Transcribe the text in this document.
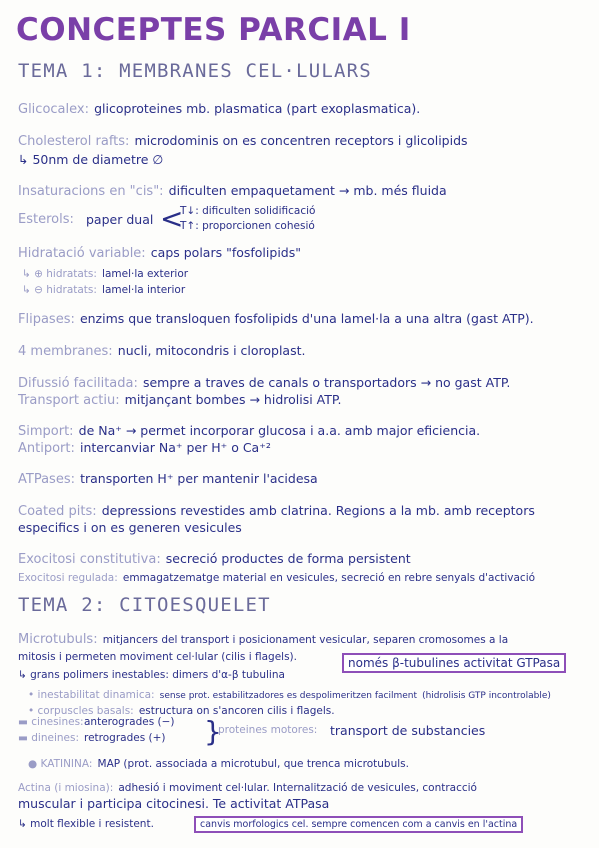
CONCEPTES PARCIAL I
TEMA 1: MEMBRANES CEL·LULARS
Glicocalex: glicoproteines mb. plasmatica (part exoplasmatica).
Cholesterol rafts: microdominis on es concentren receptors i glicolipids
↳ 50nm de diametre ∅
Insaturacions en "cis": dificulten empaquetament → mb. més fluida
Esterols: paper dual <
T↓: dificulten solidificació
T↑: proporcionen cohesió
Hidratació variable: caps polars "fosfolipids"
↳ ⊕ hidratats: lamel·la exterior
↳ ⊖ hidratats: lamel·la interior
Flipases: enzims que transloquen fosfolipids d'una lamel·la a una altra (gast ATP).
4 membranes: nucli, mitocondris i cloroplast.
Difussió facilitada: sempre a traves de canals o transportadors → no gast ATP.
Transport actiu: mitjançant bombes → hidrolisi ATP.
Simport: de Na⁺ → permet incorporar glucosa i a.a. amb major eficiencia.
Antiport: intercanviar Na⁺ per H⁺ o Ca⁺²
ATPases: transporten H⁺ per mantenir l'acidesa
Coated pits: depressions revestides amb clatrina. Regions a la mb. amb receptors
especifics i on es generen vesicules
Exocitosi constitutiva: secreció productes de forma persistent
Exocitosi regulada: emmagatzematge material en vesicules, secreció en rebre senyals d'activació
TEMA 2: CITOESQUELET
Microtubuls: mitjancers del transport i posicionament vesicular, separen cromosomes a la
mitosis i permeten moviment cel·lular (cilis i flagels).
↳ grans polimers inestables: dimers d'α-β tubulina
només β-tubulines activitat GTPasa
• inestabilitat dinamica: sense prot. estabilitzadores es despolimeritzen facilment (hidrolisis GTP incontrolable)
• corpuscles basals: estructura on s'ancoren cilis i flagels.
▬ cinesines: anterogrades (−)
▬ dineines: retrogrades (+) }
proteines motores: transport de substancies
● KATININA: MAP (prot. associada a microtubul, que trenca microtubuls.
Actina (i miosina): adhesió i moviment cel·lular. Internalització de vesicules, contracció
muscular i participa citocinesi. Te activitat ATPasa
↳ molt flexible i resistent.	canvis morfologics cel. sempre comencen com a canvis en l'actina
